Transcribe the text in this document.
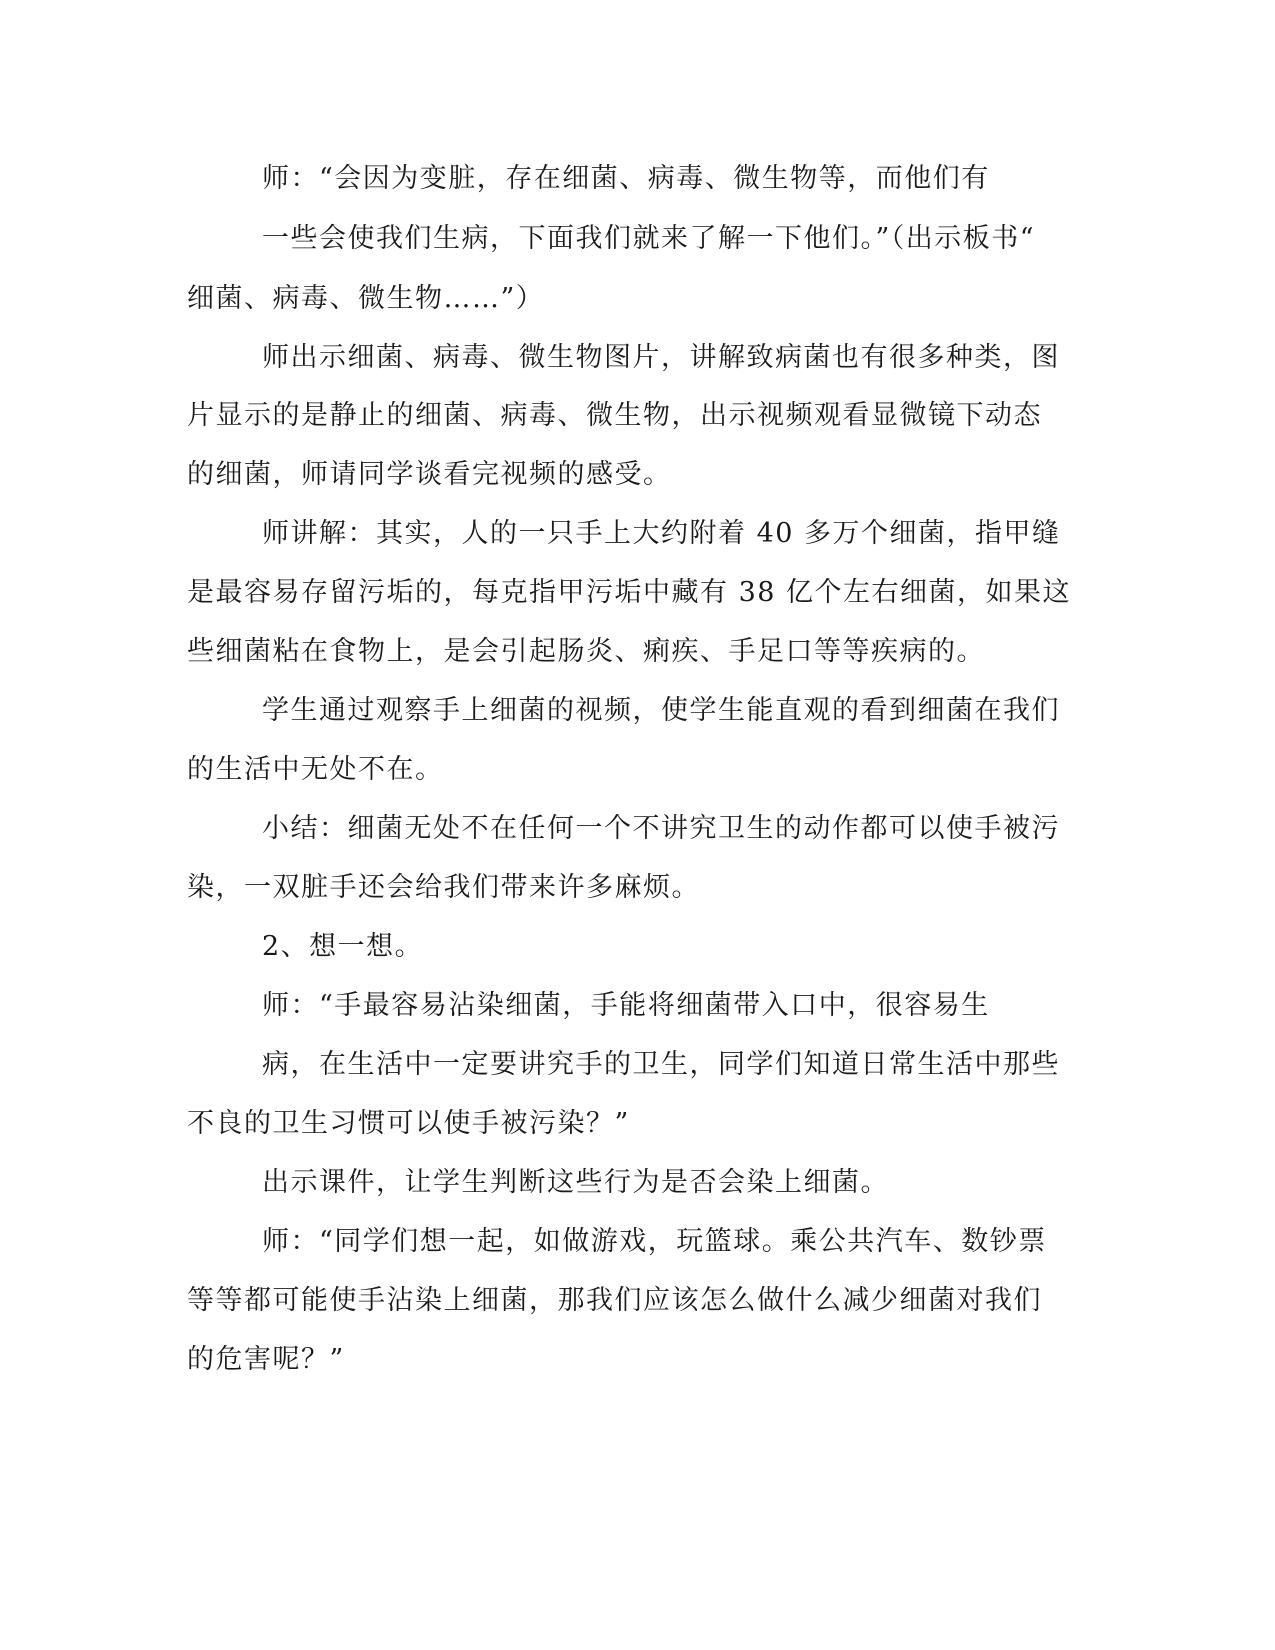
师：“会因为变脏，存在细菌、病毒、微生物等，而他们有
一些会使我们生病，下面我们就来了解一下他们。”（出示板书“
细菌、病毒、微生物……”）
师出示细菌、病毒、微生物图片，讲解致病菌也有很多种类，图
片显示的是静止的细菌、病毒、微生物，出示视频观看显微镜下动态
的细菌，师请同学谈看完视频的感受。
师讲解：其实，人的一只手上大约附着 40 多万个细菌，指甲缝
是最容易存留污垢的，每克指甲污垢中藏有 38 亿个左右细菌，如果这
些细菌粘在食物上，是会引起肠炎、痢疾、手足口等等疾病的。
学生通过观察手上细菌的视频，使学生能直观的看到细菌在我们
的生活中无处不在。
小结：细菌无处不在任何一个不讲究卫生的动作都可以使手被污
染，一双脏手还会给我们带来许多麻烦。
2、想一想。
师：“手最容易沾染细菌，手能将细菌带入口中，很容易生
病，在生活中一定要讲究手的卫生，同学们知道日常生活中那些
不良的卫生习惯可以使手被污染？”
出示课件，让学生判断这些行为是否会染上细菌。
师：“同学们想一起，如做游戏，玩篮球。乘公共汽车、数钞票
等等都可能使手沾染上细菌，那我们应该怎么做什么减少细菌对我们
的危害呢？”
